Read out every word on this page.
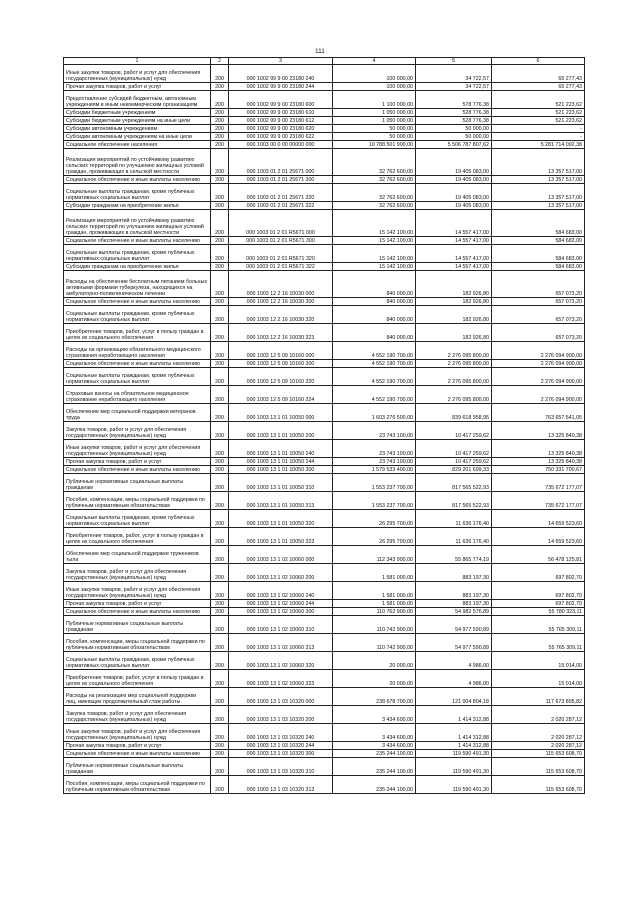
111
1	2	3	4	5	6
Иные закупки товаров, работ и услуг для обеспечения государственных (муниципальных) нужд	200	000 1002 99 9 00 23180 240	100 000,00	34 722,57	65 277,43
Прочая закупка товаров, работ и услуг	200	000 1002 99 9 00 23180 244	100 000,00	34 722,57	65 277,43
Предоставление субсидий бюджетным, автономным учреждениям и иным некоммерческим организациям	200	000 1002 99 9 00 23180 600	1 100 000,00	578 776,38	521 223,62
Субсидии бюджетным учреждениям	200	000 1002 99 9 00 23180 610	1 050 000,00	528 776,38	521 223,62
Субсидии бюджетным учреждениям на иные цели	200	000 1002 99 9 00 23180 612	1 050 000,00	528 776,38	521 223,62
Субсидии автономным учреждениям	200	000 1002 99 9 00 23180 620	50 000,00	50 000,00	-
Субсидии автономным учреждениям на иные цели	200	000 1002 99 9 00 23180 622	50 000,00	50 000,00	-
Социальное обеспечение населения	200	000 1003 00 0 00 00000 000	10 788 501 900,00	5 506 787 807,62	5 281 714 092,38
Реализация мероприятий по устойчивому развитию сельских территорий по улучшению жилищных условий граждан, проживающих в сельской местности	200	000 1003 01 2 01 25671 000	32 762 600,00	19 405 083,00	13 357 517,00
Социальное обеспечение и иные выплаты населению	200	000 1003 01 2 01 25671 300	32 762 600,00	19 405 083,00	13 357 517,00
Социальные выплаты гражданам, кроме публичных нормативных социальных выплат	200	000 1003 01 2 01 25671 320	32 762 600,00	19 405 083,00	13 357 517,00
Субсидии гражданам на приобретение жилья	200	000 1003 01 2 01 25671 322	32 762 600,00	19 405 083,00	13 357 517,00
Реализация мероприятий по устойчивому развитию сельских территорий по улучшению жилищных условий граждан, проживающих в сельской местности	200	000 1003 01 2 01 R5671 000	15 142 100,00	14 557 417,00	584 683,00
Социальное обеспечение и иные выплаты населению	200	000 1003 01 2 01 R5671 300	15 142 100,00	14 557 417,00	584 683,00
Социальные выплаты гражданам, кроме публичных нормативных социальных выплат	200	000 1003 01 2 01 R5671 320	15 142 100,00	14 557 417,00	584 683,00
Субсидии гражданам на приобретение жилья	200	000 1003 01 2 01 R5671 322	15 142 100,00	14 557 417,00	584 683,00
Расходы на обеспечение бесплатным питанием больных активными формами туберкулеза, находящихся на амбулаторно-поликлиническом лечении	200	000 1003 12 2 16 10030 000	840 000,00	182 926,80	657 073,20
Социальное обеспечение и иные выплаты населению	200	000 1003 12 2 16 10030 300	840 000,00	182 926,80	657 073,20
Социальные выплаты гражданам, кроме публичных нормативных социальных выплат	200	000 1003 12 2 16 10030 320	840 000,00	182 926,80	657 073,20
Приобретение товаров, работ, услуг в пользу граждан в целях их социального обеспечения	200	000 1003 12 2 16 10030 323	840 000,00	182 926,80	657 073,20
Расходы на организацию обязательного медицинского страхования неработающего населения	200	000 1003 12 5 09 10160 000	4 552 190 700,00	2 276 095 800,00	2 276 094 900,00
Социальное обеспечение и иные выплаты населению	200	000 1003 12 5 09 10160 300	4 552 190 700,00	2 276 095 800,00	2 276 094 900,00
Социальные выплаты гражданам, кроме публичных нормативных социальных выплат	200	000 1003 12 5 09 10160 320	4 552 190 700,00	2 276 095 800,00	2 276 094 900,00
Страховые взносы на обязательное медицинское страхование неработающего населения	200	000 1003 12 5 09 10160 324	4 552 190 700,00	2 276 095 800,00	2 276 094 900,00
Обеспечение мер социальной поддержки ветеранов труда	200	000 1003 13 1 01 10050 000	1 603 276 500,00	839 618 958,95	763 657 541,05
Закупка товаров, работ и услуг для обеспечения государственных (муниципальных) нужд	200	000 1003 13 1 01 10050 200	23 743 100,00	10 417 259,62	13 325 840,38
Иные закупки товаров, работ и услуг для обеспечения государственных (муниципальных) нужд	200	000 1003 13 1 01 10050 240	23 743 100,00	10 417 259,62	13 325 840,38
Прочая закупка товаров, работ и услуг	200	000 1003 13 1 01 10050 244	23 743 100,00	10 417 259,62	13 325 840,38
Социальное обеспечение и иные выплаты населению	200	000 1003 13 1 01 10050 300	1 579 533 400,00	829 201 699,33	750 331 700,67
Публичные нормативные социальные выплаты гражданам	200	000 1003 13 1 01 10050 310	1 553 237 700,00	817 565 522,93	735 672 177,07
Пособия, компенсации, меры социальной поддержки по публичным нормативным обязательствам	200	000 1003 13 1 01 10050 313	1 553 237 700,00	817 565 522,93	735 672 177,07
Социальные выплаты гражданам, кроме публичных нормативных социальных выплат	200	000 1003 13 1 01 10050 320	26 295 700,00	11 636 176,40	14 659 523,60
Приобретение товаров, работ, услуг в пользу граждан в целях их социального обеспечения	200	000 1003 13 1 01 10050 323	26 295 700,00	11 636 176,40	14 659 523,60
Обеспечение мер социальной поддержки тружеников тыла	200	000 1003 13 1 02 10060 000	112 343 900,00	55 865 774,19	56 478 125,81
Закупка товаров, работ и услуг для обеспечения государственных (муниципальных) нужд	200	000 1003 13 1 02 10060 200	1 581 000,00	883 197,30	697 802,70
Иные закупки товаров, работ и услуг для обеспечения государственных (муниципальных) нужд	200	000 1003 13 1 02 10060 240	1 581 000,00	883 197,30	697 802,70
Прочая закупка товаров, работ и услуг	200	000 1003 13 1 02 10060 244	1 581 000,00	883 197,30	697 802,70
Социальное обеспечение и иные выплаты населению	200	000 1003 13 1 02 10060 300	110 762 900,00	54 982 576,89	55 780 323,11
Публичные нормативные социальные выплаты гражданам	200	000 1003 13 1 02 10060 310	110 742 900,00	54 977 590,89	55 765 309,11
Пособия, компенсации, меры социальной поддержки по публичным нормативным обязательствам	200	000 1003 13 1 02 10060 313	110 742 900,00	54 977 590,89	55 765 309,11
Социальные выплаты гражданам, кроме публичных нормативных социальных выплат	200	000 1003 13 1 02 10060 320	20 000,00	4 986,00	15 014,00
Приобретение товаров, работ, услуг в пользу граждан в целях их социального обеспечения	200	000 1003 13 1 02 10060 323	20 000,00	4 986,00	15 014,00
Расходы на реализацию мер социальной поддержки лиц, имеющих продолжительный стаж работы	200	000 1003 13 1 03 10320 000	238 678 700,00	121 004 804,18	117 673 895,82
Закупка товаров, работ и услуг для обеспечения государственных (муниципальных) нужд	200	000 1003 13 1 03 10320 200	3 434 600,00	1 414 312,88	2 020 287,12
Иные закупки товаров, работ и услуг для обеспечения государственных (муниципальных) нужд	200	000 1003 13 1 03 10320 240	3 434 600,00	1 414 312,88	2 020 287,12
Прочая закупка товаров, работ и услуг	200	000 1003 13 1 03 10320 244	3 434 600,00	1 414 312,88	2 020 287,12
Социальное обеспечение и иные выплаты населению	200	000 1003 13 1 03 10320 300	235 244 100,00	119 590 491,30	115 653 608,70
Публичные нормативные социальные выплаты гражданам	200	000 1003 13 1 03 10320 310	235 244 100,00	119 590 491,30	115 653 608,70
Пособия, компенсации, меры социальной поддержки по публичным нормативным обязательствам	200	000 1003 13 1 03 10320 313	235 244 100,00	119 590 491,30	115 653 608,70
